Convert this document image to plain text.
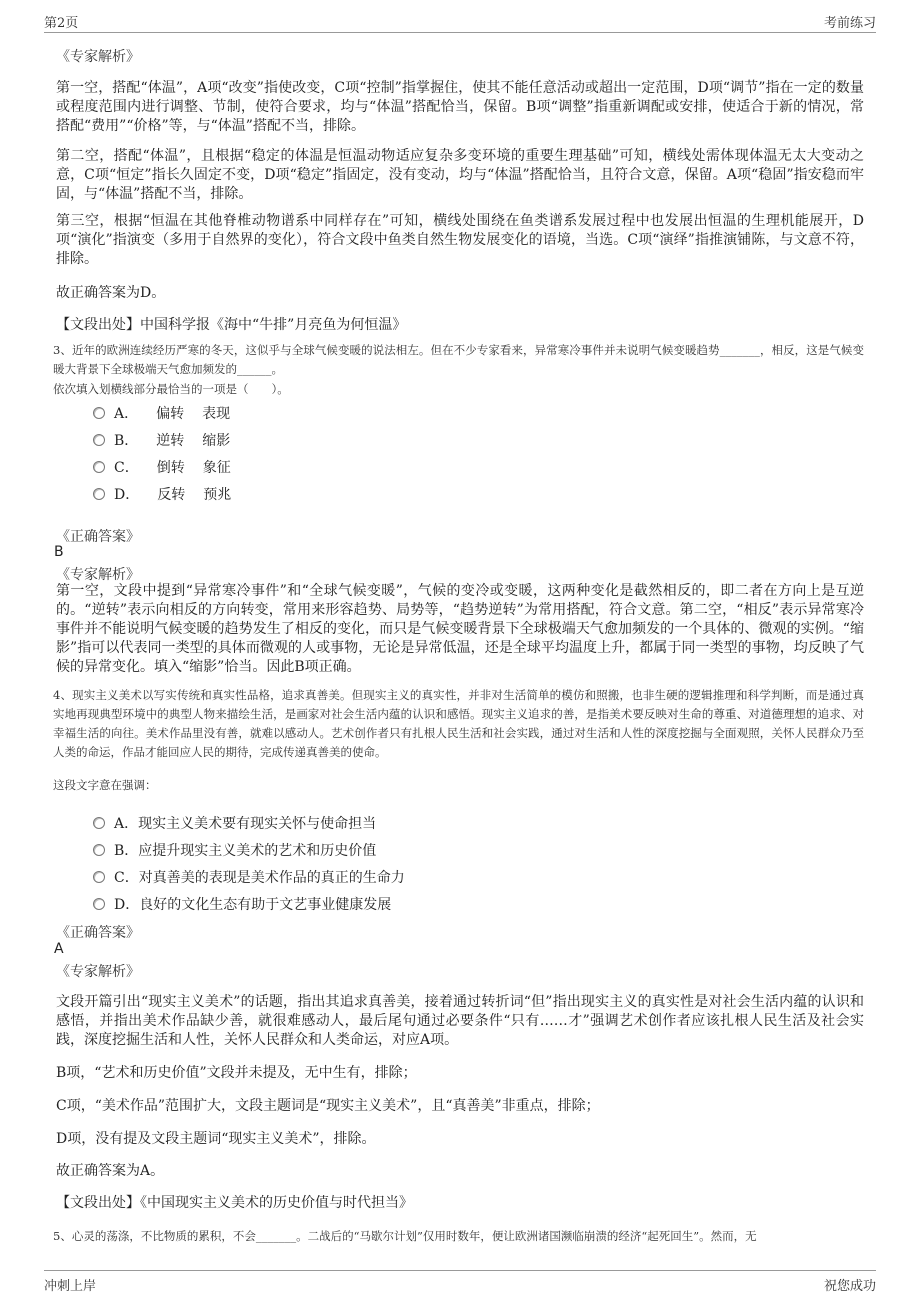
第2页	考前练习
《专家解析》

第一空，搭配“体温”，A项“改变”指使改变，C项“控制”指掌握住，使其不能任意活动或超出一定范围，D项“调节”指在一定的数量或程度范围内进行调整、节制，使符合要求，均与“体温”搭配恰当，保留。B项“调整”指重新调配或安排，使适合于新的情况，常搭配“费用”“价格”等，与“体温”搭配不当，排除。

第二空，搭配“体温”，且根据“稳定的体温是恒温动物适应复杂多变环境的重要生理基础”可知，横线处需体现体温无太大变动之意，C项“恒定”指长久固定不变，D项“稳定”指固定，没有变动，均与“体温”搭配恰当，且符合文意，保留。A项“稳固”指安稳而牢固，与“体温”搭配不当，排除。

第三空，根据“恒温在其他脊椎动物谱系中同样存在”可知，横线处围绕在鱼类谱系发展过程中也发展出恒温的生理机能展开，D项“演化”指演变（多用于自然界的变化），符合文段中鱼类自然生物发展变化的语境，当选。C项“演绎”指推演铺陈，与文意不符，排除。

故正确答案为D。
【文段出处】中国科学报《海中“牛排”月亮鱼为何恒温》

3、近年的欧洲连续经历严寒的冬天，这似乎与全球气候变暖的说法相左。但在不少专家看来，异常寒冷事件并未说明气候变暖趋势_______，相反，这是气候变暖大背景下全球极端天气愈加频发的______。

依次填入划横线部分最恰当的一项是（　　）。
A． 偏转 表现
B． 逆转 缩影
C． 倒转 象征
D． 反转 预兆
《正确答案》
B
《专家解析》

第一空，文段中提到“异常寒冷事件”和“全球气候变暖”，气候的变冷或变暖，这两种变化是截然相反的，即二者在方向上是互逆的。“逆转”表示向相反的方向转变，常用来形容趋势、局势等，“趋势逆转”为常用搭配，符合文意。第二空，“相反”表示异常寒冷事件并不能说明气候变暖的趋势发生了相反的变化，而只是气候变暖背景下全球极端天气愈加频发的一个具体的、微观的实例。“缩影”指可以代表同一类型的具体而微观的人或事物，无论是异常低温，还是全球平均温度上升，都属于同一类型的事物，均反映了气候的异常变化。填入“缩影”恰当。因此B项正确。

4、现实主义美术以写实传统和真实性品格，追求真善美。但现实主义的真实性，并非对生活简单的模仿和照搬，也非生硬的逻辑推理和科学判断，而是通过真实地再现典型环境中的典型人物来描绘生活，是画家对社会生活内蕴的认识和感悟。现实主义追求的善，是指美术要反映对生命的尊重、对道德理想的追求、对幸福生活的向往。美术作品里没有善，就难以感动人。艺术创作者只有扎根人民生活和社会实践，通过对生活和人性的深度挖掘与全面观照，关怀人民群众乃至人类的命运，作品才能回应人民的期待，完成传递真善美的使命。

这段文字意在强调：
A．现实主义美术要有现实关怀与使命担当
B．应提升现实主义美术的艺术和历史价值
C．对真善美的表现是美术作品的真正的生命力
D．良好的文化生态有助于文艺事业健康发展
《正确答案》
A
《专家解析》

文段开篇引出“现实主义美术”的话题，指出其追求真善美，接着通过转折词“但”指出现实主义的真实性是对社会生活内蕴的认识和感悟，并指出美术作品缺少善，就很难感动人，最后尾句通过必要条件“只有……才”强调艺术创作者应该扎根人民生活及社会实践，深度挖掘生活和人性，关怀人民群众和人类命运，对应A项。

B项，“艺术和历史价值”文段并未提及，无中生有，排除；
C项，“美术作品”范围扩大，文段主题词是“现实主义美术”，且“真善美”非重点，排除；
D项，没有提及文段主题词“现实主义美术”，排除。
故正确答案为A。
【文段出处】《中国现实主义美术的历史价值与时代担当》
5、心灵的荡涤，不比物质的累积，不会_______。二战后的“马歇尔计划”仅用时数年，便让欧洲诸国濒临崩溃的经济“起死回生”。然而，无
冲刺上岸	祝您成功
